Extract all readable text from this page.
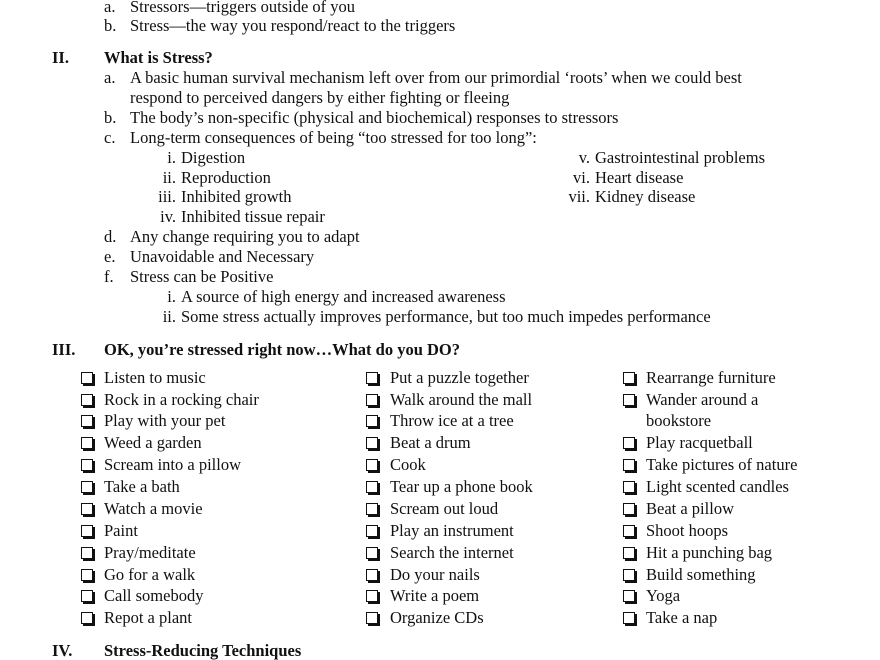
a. Stressors—triggers outside of you
b. Stress—the way you respond/react to the triggers
II. What is Stress?
a. A basic human survival mechanism left over from our primordial ‘roots’ when we could best
respond to perceived dangers by either fighting or fleeing
b. The body’s non-specific (physical and biochemical) responses to stressors
c. Long-term consequences of being “too stressed for too long”:
i. Digestion
ii. Reproduction
iii. Inhibited growth
iv. Inhibited tissue repair
v. Gastrointestinal problems
vi. Heart disease
vii. Kidney disease
d. Any change requiring you to adapt
e. Unavoidable and Necessary
f. Stress can be Positive
i. A source of high energy and increased awareness
ii. Some stress actually improves performance, but too much impedes performance
III. OK, you’re stressed right now…What do you DO?
Listen to music
Rock in a rocking chair
Play with your pet
Weed a garden
Scream into a pillow
Take a bath
Watch a movie
Paint
Pray/meditate
Go for a walk
Call somebody
Repot a plant
Put a puzzle together
Walk around the mall
Throw ice at a tree
Beat a drum
Cook
Tear up a phone book
Scream out loud
Play an instrument
Search the internet
Do your nails
Write a poem
Organize CDs
Rearrange furniture
Wander around a
bookstore
Play racquetball
Take pictures of nature
Light scented candles
Beat a pillow
Shoot hoops
Hit a punching bag
Build something
Yoga
Take a nap
IV. Stress-Reducing Techniques
